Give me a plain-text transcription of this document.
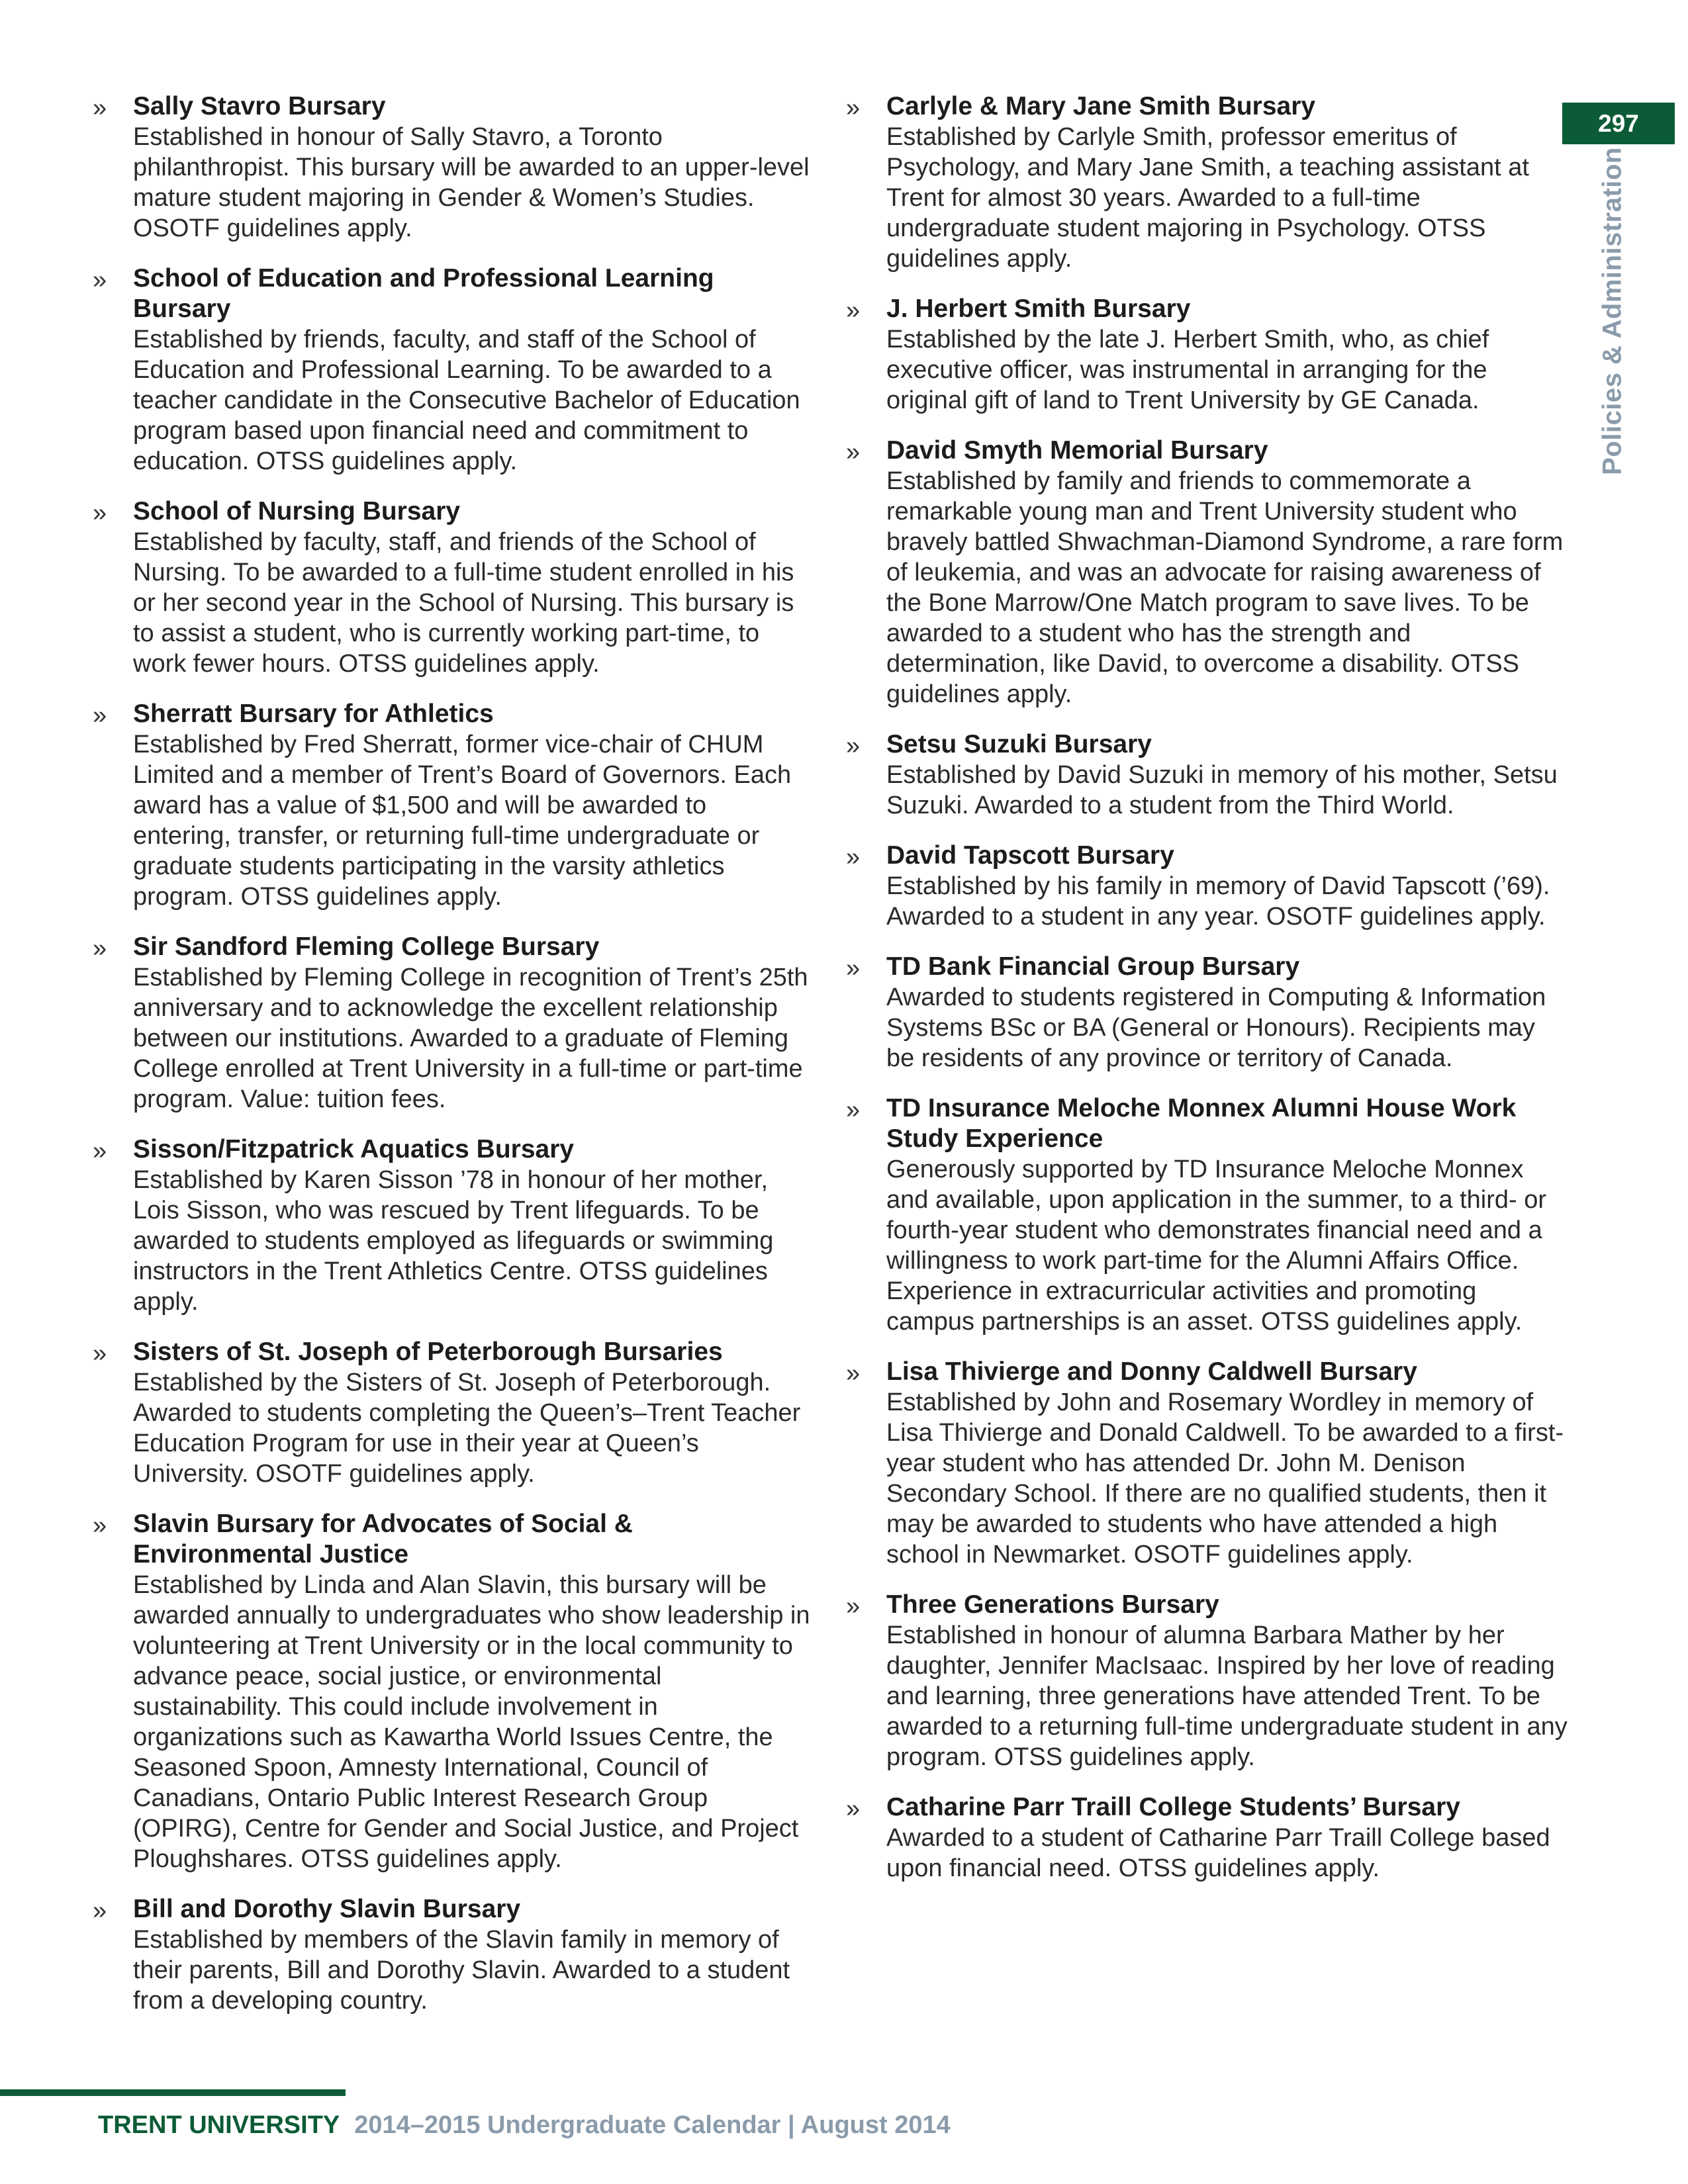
» Sally Stavro Bursary
Established in honour of Sally Stavro, a Toronto philanthropist. This bursary will be awarded to an upper-level mature student majoring in Gender & Women’s Studies. OSOTF guidelines apply.
» School of Education and Professional Learning Bursary
Established by friends, faculty, and staff of the School of Education and Professional Learning. To be awarded to a teacher candidate in the Consecutive Bachelor of Education program based upon financial need and commitment to education. OTSS guidelines apply.
» School of Nursing Bursary
Established by faculty, staff, and friends of the School of Nursing. To be awarded to a full-time student enrolled in his or her second year in the School of Nursing. This bursary is to assist a student, who is currently working part-time, to work fewer hours. OTSS guidelines apply.
» Sherratt Bursary for Athletics
Established by Fred Sherratt, former vice-chair of CHUM Limited and a member of Trent’s Board of Governors. Each award has a value of $1,500 and will be awarded to entering, transfer, or returning full-time undergraduate or graduate students participating in the varsity athletics program. OTSS guidelines apply.
» Sir Sandford Fleming College Bursary
Established by Fleming College in recognition of Trent’s 25th anniversary and to acknowledge the excellent relationship between our institutions. Awarded to a graduate of Fleming College enrolled at Trent University in a full-time or part-time program. Value: tuition fees.
» Sisson/Fitzpatrick Aquatics Bursary
Established by Karen Sisson ’78 in honour of her mother, Lois Sisson, who was rescued by Trent lifeguards. To be awarded to students employed as lifeguards or swimming instructors in the Trent Athletics Centre. OTSS guidelines apply.
» Sisters of St. Joseph of Peterborough Bursaries
Established by the Sisters of St. Joseph of Peterborough. Awarded to students completing the Queen’s–Trent Teacher Education Program for use in their year at Queen’s University. OSOTF guidelines apply.
» Slavin Bursary for Advocates of Social & Environmental Justice
Established by Linda and Alan Slavin, this bursary will be awarded annually to undergraduates who show leadership in volunteering at Trent University or in the local community to advance peace, social justice, or environmental sustainability. This could include involvement in organizations such as Kawartha World Issues Centre, the Seasoned Spoon, Amnesty International, Council of Canadians, Ontario Public Interest Research Group (OPIRG), Centre for Gender and Social Justice, and Project Ploughshares. OTSS guidelines apply.
» Bill and Dorothy Slavin Bursary
Established by members of the Slavin family in memory of their parents, Bill and Dorothy Slavin. Awarded to a student from a developing country.
» Carlyle & Mary Jane Smith Bursary
Established by Carlyle Smith, professor emeritus of Psychology, and Mary Jane Smith, a teaching assistant at Trent for almost 30 years. Awarded to a full-time undergraduate student majoring in Psychology. OTSS guidelines apply.
» J. Herbert Smith Bursary
Established by the late J. Herbert Smith, who, as chief executive officer, was instrumental in arranging for the original gift of land to Trent University by GE Canada.
» David Smyth Memorial Bursary
Established by family and friends to commemorate a remarkable young man and Trent University student who bravely battled Shwachman-Diamond Syndrome, a rare form of leukemia, and was an advocate for raising awareness of the Bone Marrow/One Match program to save lives. To be awarded to a student who has the strength and determination, like David, to overcome a disability. OTSS guidelines apply.
» Setsu Suzuki Bursary
Established by David Suzuki in memory of his mother, Setsu Suzuki. Awarded to a student from the Third World.
» David Tapscott Bursary
Established by his family in memory of David Tapscott (’69). Awarded to a student in any year. OSOTF guidelines apply.
» TD Bank Financial Group Bursary
Awarded to students registered in Computing & Information Systems BSc or BA (General or Honours). Recipients may be residents of any province or territory of Canada.
» TD Insurance Meloche Monnex Alumni House Work Study Experience
Generously supported by TD Insurance Meloche Monnex and available, upon application in the summer, to a third- or fourth-year student who demonstrates financial need and a willingness to work part-time for the Alumni Affairs Office. Experience in extracurricular activities and promoting campus partnerships is an asset. OTSS guidelines apply.
» Lisa Thivierge and Donny Caldwell Bursary
Established by John and Rosemary Wordley in memory of Lisa Thivierge and Donald Caldwell. To be awarded to a first-year student who has attended Dr. John M. Denison Secondary School. If there are no qualified students, then it may be awarded to students who have attended a high school in Newmarket. OSOTF guidelines apply.
» Three Generations Bursary
Established in honour of alumna Barbara Mather by her daughter, Jennifer MacIsaac. Inspired by her love of reading and learning, three generations have attended Trent. To be awarded to a returning full-time undergraduate student in any program. OTSS guidelines apply.
» Catharine Parr Traill College Students’ Bursary
Awarded to a student of Catharine Parr Traill College based upon financial need. OTSS guidelines apply.
297
Policies & Administration
TRENT UNIVERSITY 2014–2015 Undergraduate Calendar | August 2014
